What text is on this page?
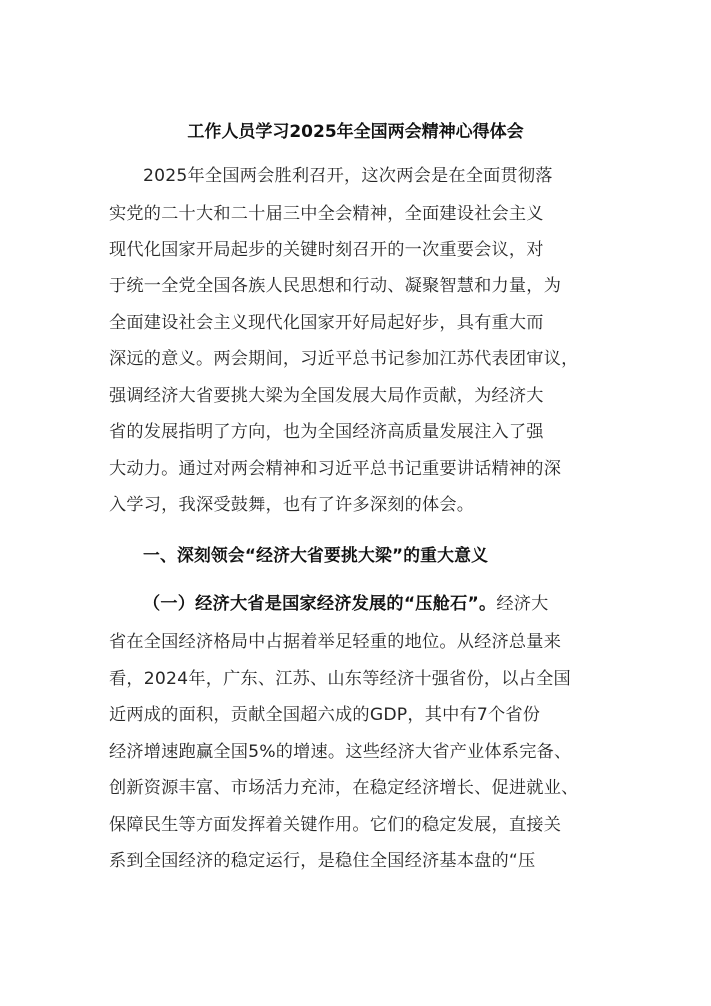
工作人员学习2025年全国两会精神心得体会

2025年全国两会胜利召开，这次两会是在全面贯彻落

实党的二十大和二十届三中全会精神，全面建设社会主义

现代化国家开局起步的关键时刻召开的一次重要会议，对

于统一全党全国各族人民思想和行动、凝聚智慧和力量，为

全面建设社会主义现代化国家开好局起好步，具有重大而

深远的意义。两会期间，习近平总书记参加江苏代表团审议，

强调经济大省要挑大梁为全国发展大局作贡献，为经济大

省的发展指明了方向，也为全国经济高质量发展注入了强

大动力。通过对两会精神和习近平总书记重要讲话精神的深

入学习，我深受鼓舞，也有了许多深刻的体会。

一、深刻领会“经济大省要挑大梁”的重大意义

（一）经济大省是国家经济发展的“压舱石”。经济大

省在全国经济格局中占据着举足轻重的地位。从经济总量来

看，2024年，广东、江苏、山东等经济十强省份，以占全国

近两成的面积，贡献全国超六成的GDP，其中有7个省份

经济增速跑赢全国5%的增速。这些经济大省产业体系完备、

创新资源丰富、市场活力充沛，在稳定经济增长、促进就业、

保障民生等方面发挥着关键作用。它们的稳定发展，直接关

系到全国经济的稳定运行，是稳住全国经济基本盘的“压
